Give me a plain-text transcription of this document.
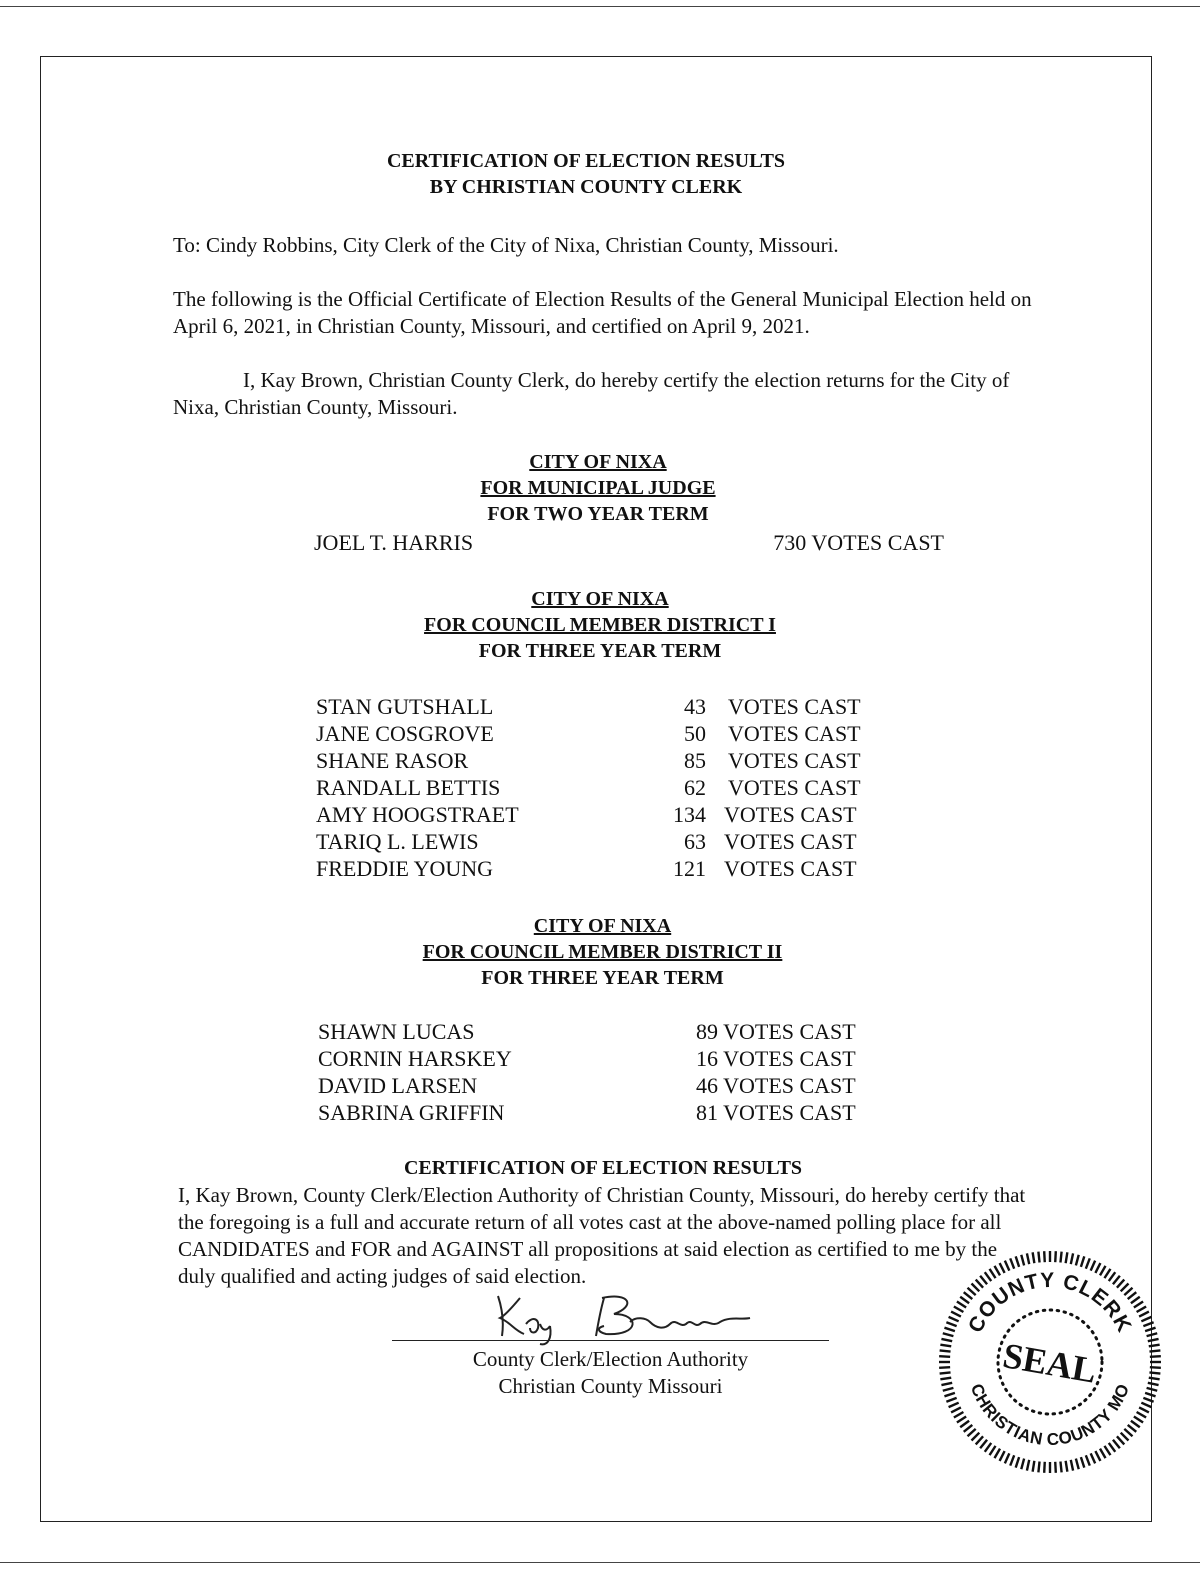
CERTIFICATION OF ELECTION RESULTS
BY CHRISTIAN COUNTY CLERK
To: Cindy Robbins, City Clerk of the City of Nixa, Christian County, Missouri.
The following is the Official Certificate of Election Results of the General Municipal Election held on April 6, 2021, in Christian County, Missouri, and certified on April 9, 2021.
I, Kay Brown, Christian County Clerk, do hereby certify the election returns for the City of Nixa, Christian County, Missouri.
CITY OF NIXA
FOR MUNICIPAL JUDGE
FOR TWO YEAR TERM
JOEL T. HARRIS	730 VOTES CAST
CITY OF NIXA
FOR COUNCIL MEMBER DISTRICT I
FOR THREE YEAR TERM
STAN GUTSHALL	43 VOTES CAST
JANE COSGROVE	50 VOTES CAST
SHANE RASOR	85 VOTES CAST
RANDALL BETTIS	62 VOTES CAST
AMY HOOGSTRAET	134 VOTES CAST
TARIQ L. LEWIS	63 VOTES CAST
FREDDIE YOUNG	121 VOTES CAST
CITY OF NIXA
FOR COUNCIL MEMBER DISTRICT II
FOR THREE YEAR TERM
SHAWN LUCAS	89 VOTES CAST
CORNIN HARSKEY	16 VOTES CAST
DAVID LARSEN	46 VOTES CAST
SABRINA GRIFFIN	81 VOTES CAST
CERTIFICATION OF ELECTION RESULTS
I, Kay Brown, County Clerk/Election Authority of Christian County, Missouri, do hereby certify that the foregoing is a full and accurate return of all votes cast at the above-named polling place for all CANDIDATES and FOR and AGAINST all propositions at said election as certified to me by the duly qualified and acting judges of said election.
County Clerk/Election Authority
Christian County Missouri
COUNTY CLERK
CHRISTIAN COUNTY MO
SEAL
